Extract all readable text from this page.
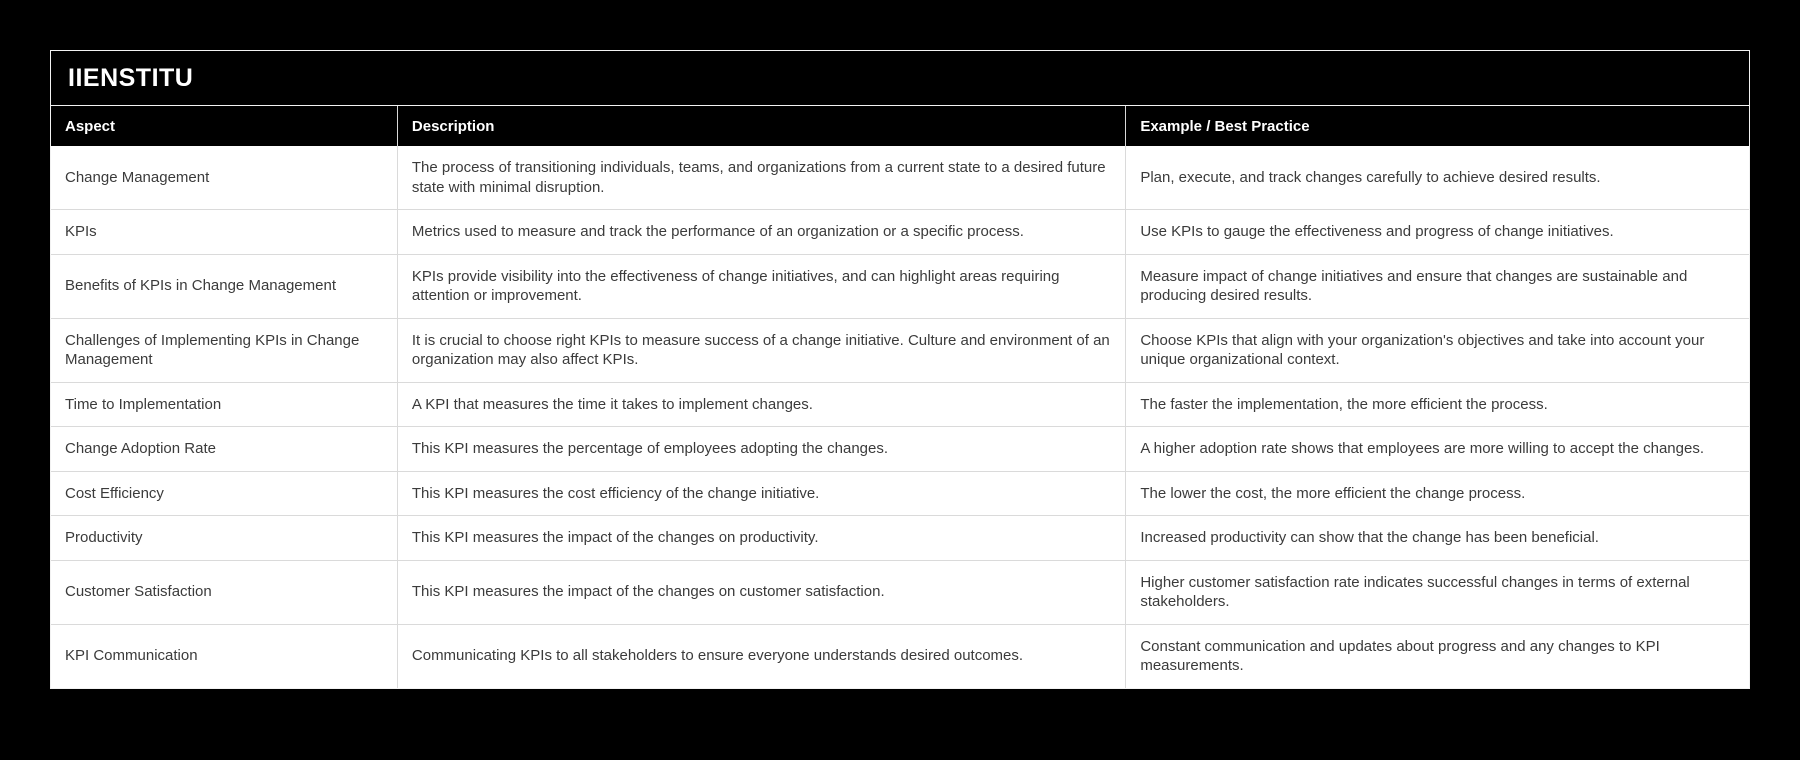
IIENSTITU
Aspect	Description	Example / Best Practice
Change Management	The process of transitioning individuals, teams, and organizations from a current state to a desired future state with minimal disruption.	Plan, execute, and track changes carefully to achieve desired results.
KPIs	Metrics used to measure and track the performance of an organization or a specific process.	Use KPIs to gauge the effectiveness and progress of change initiatives.
Benefits of KPIs in Change Management	KPIs provide visibility into the effectiveness of change initiatives, and can highlight areas requiring attention or improvement.	Measure impact of change initiatives and ensure that changes are sustainable and producing desired results.
Challenges of Implementing KPIs in Change Management	It is crucial to choose right KPIs to measure success of a change initiative. Culture and environment of an organization may also affect KPIs.	Choose KPIs that align with your organization's objectives and take into account your unique organizational context.
Time to Implementation	A KPI that measures the time it takes to implement changes.	The faster the implementation, the more efficient the process.
Change Adoption Rate	This KPI measures the percentage of employees adopting the changes.	A higher adoption rate shows that employees are more willing to accept the changes.
Cost Efficiency	This KPI measures the cost efficiency of the change initiative.	The lower the cost, the more efficient the change process.
Productivity	This KPI measures the impact of the changes on productivity.	Increased productivity can show that the change has been beneficial.
Customer Satisfaction	This KPI measures the impact of the changes on customer satisfaction.	Higher customer satisfaction rate indicates successful changes in terms of external stakeholders.
KPI Communication	Communicating KPIs to all stakeholders to ensure everyone understands desired outcomes.	Constant communication and updates about progress and any changes to KPI measurements.
